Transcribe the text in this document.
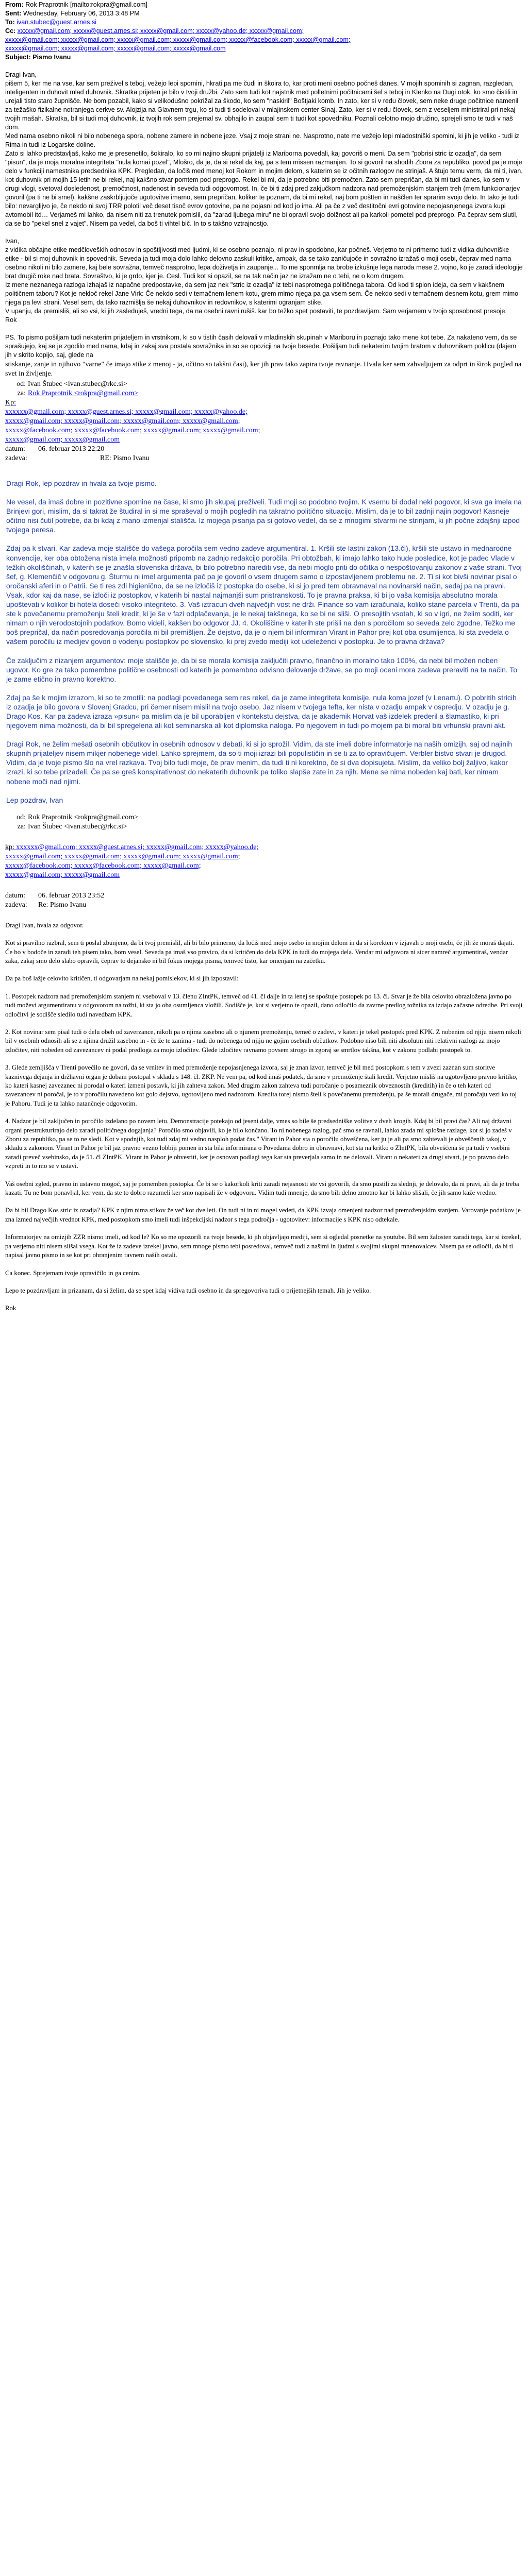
From: Rok Praprotnik [mailto:rokpra@gmail.com]
Sent: Wednesday, February 06, 2013 3:48 PM
To: ivan.stubec@guest.arnes.si
Cc: xxxxx@gmail.com; xxxxx@guest.arnes.si; xxxxx@gmail.com; xxxxx@yahoo.de; xxxxx@gmail.com;
xxxxx@gmail.com; xxxxx@gmail.com; xxxxx@gmail.com; xxxxx@gmail.com; xxxxx@facebook.com; xxxxx@gmail.com;
xxxxx@gmail.com; xxxxx@gmail.com; xxxxx@gmail.com; xxxxx@gmail.com
Subject: Pismo Ivanu

Dragi Ivan,

pišem 5, ker me na vse, kar sem preživel s teboj, vežejo lepi spomini, hkrati pa me čudi in škoira to, kar proti meni osebno počneš danes. V mojih spominih si zagnan, razgledan, inteligenten in duhovit mlad duhovnik. Skratka prijeten je bilo v tvoji družbi. Zato sem tudi kot najstnik med polletnimi počitnicami šel s teboj in Klenko na Dugi otok, ko smo čistili in urejali tisto staro župnišče. Ne bom pozabil, kako si velikodušno pokrižal za škodo, ko sem "naskiril" Boštjaki komb. In zato, ker si v redu človek, sem neke druge počitnice namenil za težaško fizikalne notranjega cerkve sv. Alojzija na Glavnem trgu, ko si tudi ti sodeloval v mlajinskem center Sinaj. Zato, ker si v redu človek, sem z veseljem ministriral pri nekaj tvojih mašah. Skratka, bil si tudi moj duhovnik, iz tvojih rok sem prejemal sv. obhajilo in zaupal sem ti tudi kot spovedniku. Poznali celotno mojo družino, sprejeli smo te tudi v naš dom.

Med nama osebno nikoli ni bilo nobenega spora, nobene zamere in nobene jeze. Vsaj z moje strani ne. Nasprotno, nate me vežejo lepi mladostniški spomini, ki jih je veliko - tudi iz Rima in tudi iz Logarske doline.

Zato si lahko predstavljaš, kako me je presenetilo, šokiralo, ko so mi najino skupni prijatelji iz Mariborna povedali, kaj govoriš o meni. Da sem "pobrisi stric iz ozadja", da sem "pisun", da je moja moralna integriteta "nula komai pozel", Mlošro, da je, da si rekel da kaj, pa s tem missen razmanjen. To si govoril na shodih Zbora za republiko, povod pa je moje delo v funkciji namestnika predsednika KPK. Pregledan, da ločiš med menoj kot Rokom in mojim delom, s katerim se iz očitnih razlogov ne strinjaš. A štujo temu verm, da mi ti, ivan, kot duhovnik pri mojih 15 letih ne bi rekel, naj kakšno stvar pomtem pod preprogo. Rekel bi mi, da je potrebno biti premočten. Zato sem prepričan, da bi mi tudi danes, ko sem v drugi vlogi, svetoval dosledenost, premočtnost, nadenost in seveda tudi odgovornost. In, če bi ti zdaj pred zakjučkom nadzora nad premoženjskim stanjem treh (mem funkcionarjev govoril (pa ti ne bi smel), kakšne zaskrbljujoče ugotovitve imamo, sem prepričan, koliker te poznam, da bi mi rekel, naj bom poštten in naščlen ter sprarim svojo delo. In tako je tudi bilo: nevarglijvo je, če nekdo ni svoj TRR polotil več deset tisoč evrov gotovine, pa ne pojasni od kod jo ima. Ali pa če z več destitočni evri gotovine nepojasnjenega izvora kupi avtomobil itd… Verjameš mi lahko, da nisem niti za trenutek pomislil, da "zarad ljubega miru" ne bi opravil svojo dolžnost ali pa karkoli pometel pod preprogo. Pa čeprav sem slutil, da se bo "pekel snel z vajet". Nisem pa vedel, da boš ti vihtel bič. In to s takšno vztrajnostjo.

Ivan,

z vidika občajne etike medčloveških odnosov in spoštljivosti med ljudmi, ki se osebno poznajo, ni prav in spodobno, kar počneš. Verjetno to ni primerno tudi z vidika duhovniške etike - bil si moj duhovnik in spovednik. Seveda ja tudi moja dolo lahko delovno zaskuli kritike, ampak, da se tako zaničujoče in sovražno izražaš o moji osebi, čeprav med nama osebno nikoli ni bilo zamere, kaj bele sovražna, temveč nasprotno, lepa doživetja in zaupanje... To me sponmlja na brobe izkušnje lega naroda mese 2. vojno, ko je zaradi ideologije brat drugič roke nad brata. Sovraštvo, ki je grdo, kjer je. Cesl. Tudi kot si opazil, se na tak način jaz ne izražam ne o tebi, ne o kom drugem.

Iz mene neznanega razloga izhajaš iz napačne predpostavke, da sem jaz nek "stric iz ozadja" iz tebi nasprotnega političnega tabora. Od kod ti splon ideja, da sem v kakšnem političnem taboru? Kot je nekloč rekel Jane Virk: Če nekdo sedi v temačnem lenem kotu, grem mimo njega pa ga vsem sem. Če nekdo sedi v temačnem desnem kotu, grem mimo njega pa levi strani. Vesel sem, da tako razmišlja še nekaj duhovnikov in redovnikov, s katerimi ogranjam stike.

V upanju, da premisliš, ali so vsi, ki jih zasleduješ, vredni tega, da na osebni ravni rušiš. kar bo težko spet postaviti, te pozdravljam. Sam verjamem v tvojo sposobnost presoje.

Rok

PS. To pismo pošiljam tudi nekaterim prijateljem in vrstnikom, ki so v tistih časih delovali v mladinskih skupinah v Mariboru in poznajo tako mene kot tebe. Za nakateno vem, da se sprašujejo, kaj se je zgodilo med nama, kdaj in zakaj sva postala sovražnika in so se opozicji na tvoje besede. Pošiljam tudi nekaterim tvojim bratom v duhovnikam poklicu (dajem jih v skrito kopijo, saj, glede na

stiskanje, zanje in njihovo "varne" če imajo stike z menoj - ja, očitno so takšni časi), ker jih prav tako zapira tvoje ravnanje. Hvala ker sem zahvaljujem za odprt in širok pogled na svet in življenje.

od:	Ivan Štubec <ivan.stubec@rkc.si>
za:	Rok Praprotnik <rokpra@gmail.com>
Kp:
xxxxxx@gmail.com; xxxxx@guest.arnes.si; xxxxx@gmail.com; xxxxx@yahoo.de;
xxxxx@gmail.com; xxxxx@gmail.com; xxxxx@gmail.com; xxxxx@gmail.com;
xxxxx@facebook.com; xxxxx@facebook.com; xxxxx@gmail.com; xxxxx@gmail.com;
xxxxx@gmail.com; xxxxx@gmail.com
datum:	06. februar 2013 22:20
zadeva:	RE: Pismo Ivanu

Dragi Rok, lep pozdrav in hvala za tvoje pismo.

Ne vesel, da imaš dobre in pozitivne spomine na čase, ki smo jih skupaj preživeli. Tudi moji so podobno tvojim. K vsemu bi dodal neki pogovor, ki sva ga imela na Brinjevi gori, mislim, da si takrat že študiral in si me spraševal o mojih pogledih na takratno politično situacijo. Mislim, da je to bil zadnji najin pogovor! Kasneje očitno nisi čutil potrebe, da bi kdaj z mano izmenjal stališča. Iz mojega pisanja pa si gotovo vedel, da se z mnogimi stvarmi ne strinjam, ki jih počne zdajšnji izpod tvojega peresa.

Zdaj pa k stvari. Kar zadeva moje stališče do vašega poročila sem vedno zadeve argumentiral. 1. Kršili ste lastni zakon (13.čl), kršili ste ustavo in mednarodne konvencije, ker oba obtožena nista imela možnosti pripomb na zadnjo redakcijo poročila. Pri obtožbah, ki imajo lahko tako hude posledice, kot je padec Vlade v težkih okoliščinah, v katerih se je znašla slovenska država, bi bilo potrebno narediti vse, da nebi moglo priti do očitka o nespoštovanju zakonov z vaše strani. Tvoj šef, g. Klemenčič v odgovoru g. Šturmu ni imel argumenta pač pa je govoril o vsem drugem samo o izpostavljenem problemu ne. 2. Ti si kot bivši novinar pisal o oročanski aferi in o Patrii. Se ti res zdi higienično, da se ne izločiš iz postopka do osebe, ki si jo pred tem obravnaval na novinarski način, sedaj pa na pravni. Vsak, kdor kaj da nase, se izloči iz postopkov, v katerih bi nastal najmanjši sum pristranskosti. To je pravna praksa, ki bi jo vaša komisija absolutno morala upoštevati v kolikor bi hotela doseči visoko integriteto. 3. Vaš iztracun dveh največjih vost ne drži. Finance so vam izračunala, koliko stane parcela v Trenti, da pa ste k povečanemu premoženju šteli kredit, ki je še v fazi odplačevanja, je le nekaj takšnega, ko se bi ne sliši. O presojitih vsotah, ki so v igri, ne želim soditi, ker nimam o njih verodostojnih podatkov. Bomo videli, kakšen bo odgovor JJ. 4. Okoliščine v katerih ste prišli na dan s poročilom so seveda zelo zgodne. Težko me boš prepričal, da način posredovanja poročila ni bil premišljen. Že dejstvo, da je o njem bil informiran Virant in Pahor prej kot oba osumljenca, ki sta zvedela o vašem poročilu iz medijev govori o vodenju postopkov po slovensko, ki prej zvedo mediji kot udeleženci v postopku. Je to pravna država?

Če zaključim z nizanjem argumentov: moje stališče je, da bi se morala komisija zaključiti pravno, finančno in moralno tako 100%, da nebi bil možen noben ugovor. Ko gre za tako pomembne politične osebnosti od katerih je pomembno odvisno delovanje države, se po moji oceni mora zadeva preraviti na ta način. To je zame etično in pravno korektno.

Zdaj pa še k mojim izrazom, ki so te zmotili: na podlagi povedanega sem res rekel, da je zame integriteta komisije, nula koma jozef (v Lenartu). O pobritih stricih iz ozadja je bilo govora v Slovenj Gradcu, pri čemer nisem mislil na tvojo osebo. Jaz nisem v tvojega tefta, ker nista v ozadju ampak v ospredju. V ozadju je g. Drago Kos. Kar pa zadeva izraza »pisun« pa mislim da je bil uporabljen v kontekstu dejstva, da je akademik Horvat vaš izdelek prederil a šlamastiko, ki pri njegovem nima možnosti, da bi bil spregelena ali kot seminarska ali kot diplomska naloga. Po njegovem in tudi po mojem pa bi moral biti vrhunski pravni akt.

Dragi Rok, ne želim mešati osebnih občutkov in osebnih odnosov v debati, ki si jo sprožil. Vidim, da ste imeli dobre informatorje na naših omizijh, saj od najinih skupnih prijateljev nisem mikjer nobenege videl. Lahko sprejmem, da so ti moji izrazi bili populističin in se ti za to opravičujem. Verbler bistvo stvari je drugod. Vidim, da je tvoje pismo šlo na vrel razkava. Tvoj bilo tudi moje, če prav menim, da tudi ti ni korektno, če si dva dopisujeta. Mislim, da veliko bolj žaljivo, kakor izrazi, ki so tebe prizadeli. Če pa se greš konspirativnost do nekaterih duhovnik pa toliko slapše zate in za njih. Mene se nima nobeden kaj bati, ker nimam nobene moči nad njimi.

Lep pozdrav, Ivan

od:	Rok Praprotnik <rokpra@gmail.com>
za:	Ivan Štubec <ivan.stubec@rkc.si>
kp: xxxxxx@gmail.com; xxxxx@guest.arnes.si; xxxxx@gmail.com; xxxxx@yahoo.de;
xxxxx@gmail.com; xxxxx@gmail.com; xxxxx@gmail.com; xxxxx@gmail.com;
xxxxx@facebook.com; xxxxx@facebook.com; xxxxx@gmail.com;
xxxxx@gmail.com; xxxxx@gmail.com
datum:	06. februar 2013 23:52
zadeva:	Re: Pismo Ivanu

Dragi Ivan, hvala za odgovor.

Kot si pravilno razbral, sem ti poslal zbunjeno, da bi tvoj premislil, ali bi bilo primerno, da ločiš med mojo osebo in mojim delom in da si korekten v izjavah o moji osebi, če jih že moraš dajati. Če bo v bodoče in zaradi teh pisem tako, bom vesel. Seveda pa imaš vso pravico, da si kritičen do dela KPK in tudi do mojega dela. Vendar mi odgovora ni sicer namreč argumentiraš, vendar zaka, zakaj smo delo slabo opravili, čeprav to dejansko ni bil fokus mojega pisma, temveč tisto, kar omenjam na začetku.

Da pa boš lažje celovito kritičen, ti odgovarjam na nekaj pomislekov, ki si jih izpostavil:

1. Postopek nadzora nad premoženjskim stanjem ni vseboval v 13. členu ZIntPK, temveč od 41. čl dalje in ta ienej se spoštuje postopek po 13. čl. Stvar je že bila celovito obrazložena javno po tudi moževi argumentiranu v odgovorom na tožbi, ki sta jo oba osumljenca vložili. Sodišče je, kot si verjetno te opazil, dano odločilo da zavrne predlog tožnika za izdajo začasne odredbe. Pri svoji odločitvi je sodišče sledilo tudi navedbam KPK.

2. Kot novinar sem pisal tudi o delu obeh od zaverzance, nikoli pa o njima zasebno ali o njunem premoženju, temeč o zadevi, v kateri je tekel postopek pred KPK. Z nobenim od njiju nisem nikoli bil v osebnih odnosih ali se z njima družil zasebno in - če že te zanima - tudi do nobenega od njiju ne gojim osebnih občutkov. Podobno niso bili niti absolutni niti relativni razlogi za mojo izločitev, niti nobeden od zavezancev ni podal predloga za mojo izločitev. Glede izločitev ravnamo povsem strogo in zgoraj se smrtlov takšna, kot v zakonu podlabi postopek to.

3. Glede zemljišča v Trenti povečilo ne govori, da se vrnitev in med premoženje nepojasnjenega izvora, saj je znan izvor, temveč je bil med postopkom s tem v zvezi zaznan sum storitve kaznivega dejanja in držhavni organ je dobam postopal v skladu s 148. čl. ZKP. Ne vem pa, od kod imaš podatek, da smo v premoženje štali kredit. Verjetno misliš na ugotovljeno pravno kritiko, ko kateri kasnej zavezanec ni porodal o kateri izmeni postavk, ki jih zahteva zakon. Med drugim zakon zahteva tudi poročanje o posameznik obveznostih (kreditih) in če o teh kateri od zavezancev ni poročal, je to v poročilu navedeno kot golo dejstvo, ugotovljeno med nadzorom. Kredita torej nismo šteli k povečanemu premoženju, pa še morali drugače, mi poročaju vezi ko toj je Pahoru. Tudi je ta lahko natančneje odgovorim.

4. Nadzor je bil zaključen in poročilo izdelano po novem letu. Demonstracije potekajo od jeseni dalje, vmes so bile še predsedniške volitve v dveh krogih. Kdaj bi bil pravi čas? Ali naj državni organi prestrukturirajo delo zaradi političnega dogajanja? Poročilo smo objavili, ko je bilo končano. To ni nobenega razlog, pač smo se ravnali, lahko zrada mi splošne razlage, kot si jo zadeš v Zboru za republiko, pa se to ne sledi. Kot v spodnjih, kot tudi zdaj mi vedno nasploh podat čas." Virant in Pahor sta o poročilu obveščena, ker ju je ali pa smo zahtevali je obveščenih takoj, v skladu z zakonom. Virant in Pahor je bil jaz pravno vezno lobbiji pomen in sta bila informirana o Povedama dobro in obravnavi, kot sta na kritko o ZIntPK, bila obveščena še pa tudi v vsebini zaradi preveč vsebinsko, da je 51. čl ZIntPK. Virant in Pahor je obvestiti, ker je osnovan podlagi tega kar sta preverjala samo in ne delovali. Virant o nekateri za drugi stvari, je po pravno delo vzpreti in to mo se v ustavi.

Vaš osebni zgled, pravno in ustavno mogoč, saj je pomemben postopka. Če bi se o kakorkoli kriti zaradi nejasnosti ste vsi govorili, da smo pustili za slednji, je delovalo, da ni pravi, ali da je treba kazati. Tu ne bom ponavljal, ker vem, da ste to dobro razumeli ker smo napisali že v odgovoru. Vidim tudi mnenje, da smo bili delno zmotno kar bi lahko slišali, če jih samo kaže vredno.

Da bi bil Drago Kos stric iz ozadja? KPK z njim nima stikov že več kot dve leti. On tudi ni in ni mogel vedeti, da KPK izvaja omenjeni nadzor nad premoženjskim stanjem. Varovanje podatkov je zna izmed največjih vrednot KPK, med postopkom smo imeli tudi inšpekcijski nadzor s tega področja - ugotovitev: informacije s KPK niso odtekale.

Informatorjev na omizjih ZZR nismo imeli, od kod le? Ko so me opozorili na tvoje besede, ki jih objavljajo mediji, sem si ogledal posnetke na youtube. Bil sem žalosten zaradi tega, kar si izrekel, pa verjetno niti nisem slišal vsega. Kot že iz zadeve izrekel javno, sem mnoge pismo tebi posredoval, temveč tudi z našimi in ljudmi s svojimi skupni mnenovalcev. Nisem pa se odločil, da bi ti napisal javno pismo in se kot pri ohranjenim ravnem naših ostali.

Ca konec. Sprejemam tvoje opravičilo in ga cenim.

Lepo te pozdravljam in prizanam, da si želim, da se spet kdaj vidiva tudi osebno in da spregovoriva tudi o prijetnejših temah. Jih je veliko.

Rok
